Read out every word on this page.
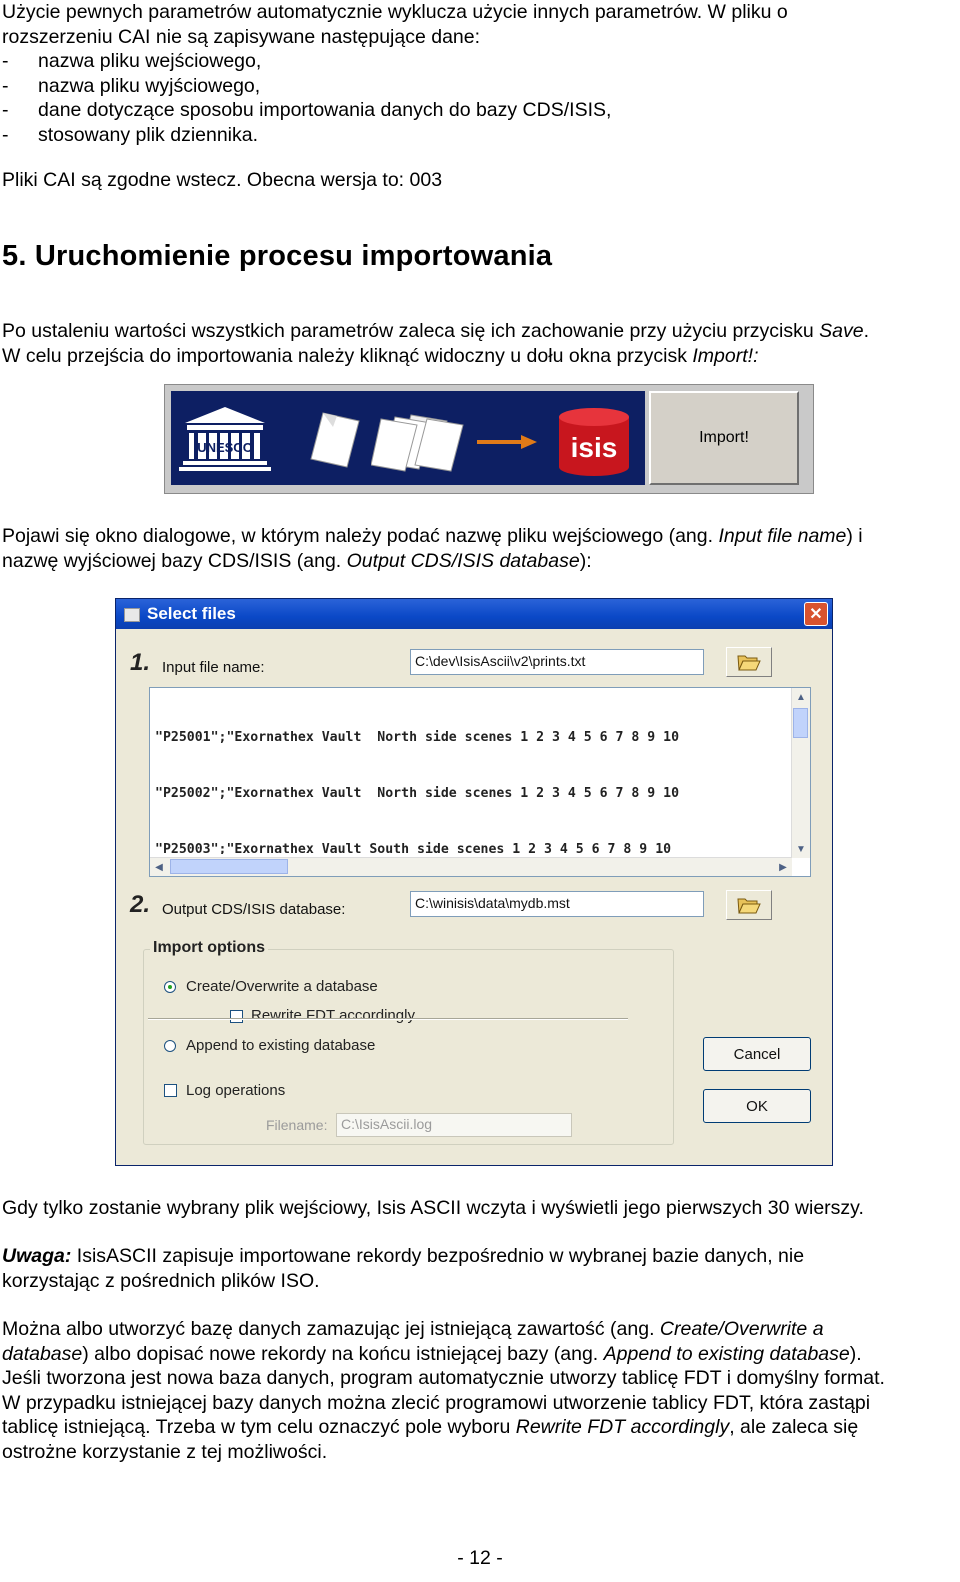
Użycie pewnych parametrów automatycznie wyklucza użycie innych parametrów. W pliku o
rozszerzeniu CAI nie są zapisywane następujące dane:
- nazwa pliku wejściowego,
- nazwa pliku wyjściowego,
- dane dotyczące sposobu importowania danych do bazy CDS/ISIS,
- stosowany plik dziennika.
Pliki CAI są zgodne wstecz. Obecna wersja to: 003
5. Uruchomienie procesu importowania
Po ustaleniu wartości wszystkich parametrów zaleca się ich zachowanie przy użyciu przycisku Save.
W celu przejścia do importowania należy kliknąć widoczny u dołu okna przycisk Import!:
UNESCO	isis	Import!
Pojawi się okno dialogowe, w którym należy podać nazwę pliku wejściowego (ang. Input file name) i
nazwę wyjściowej bazy CDS/ISIS (ang. Output CDS/ISIS database):
Select files	✕
1. Input file name:	C:\dev\IsisAscii\v2\prints.txt

"P25001";"Exornathex Vault  North side scenes 1 2 3 4 5 6 7 8 9 10

"P25002";"Exornathex Vault  North side scenes 1 2 3 4 5 6 7 8 9 10

"P25003";"Exornathex Vault South side scenes 1 2 3 4 5 6 7 8 9 10

▲
▼
◀	▶
2. Output CDS/ISIS database:	C:\winisis\data\mydb.mst
Import options
Create/Overwrite a database
Rewrite FDT accordingly
Append to existing database
Log operations
Filename: C:\IsisAscii.log
Cancel
OK
Gdy tylko zostanie wybrany plik wejściowy, Isis ASCII wczyta i wyświetli jego pierwszych 30 wierszy.
Uwaga: IsisASCII zapisuje importowane rekordy bezpośrednio w wybranej bazie danych, nie
korzystając z pośrednich plików ISO.
Można albo utworzyć bazę danych zamazując jej istniejącą zawartość (ang. Create/Overwrite a
database) albo dopisać nowe rekordy na końcu istniejącej bazy (ang. Append to existing database).
Jeśli tworzona jest nowa baza danych, program automatycznie utworzy tablicę FDT i domyślny format.
W przypadku istniejącej bazy danych można zlecić programowi utworzenie tablicy FDT, która zastąpi
tablicę istniejącą. Trzeba w tym celu oznaczyć pole wyboru Rewrite FDT accordingly, ale zaleca się
ostrożne korzystanie z tej możliwości.
- 12 -
